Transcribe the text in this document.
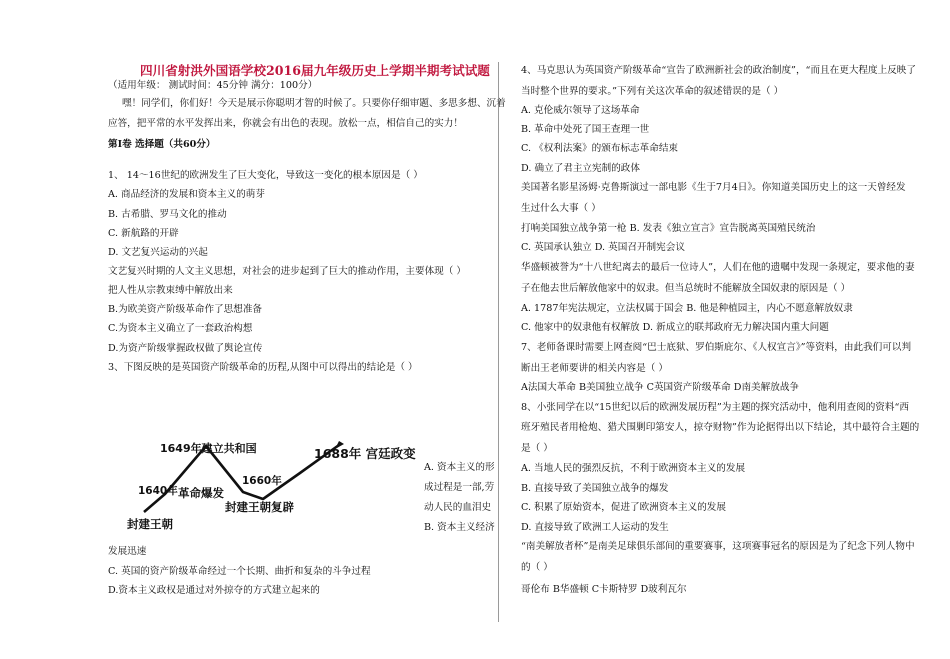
四川省射洪外国语学校2016届九年级历史上学期半期考试试题
（适用年级： 测试时间：45分钟 满分：100分）
嘿！同学们，你们好！今天是展示你聪明才智的时候了。只要你仔细审题、多思多想、沉着
应答，把平常的水平发挥出来，你就会有出色的表现。放松一点，相信自己的实力！
第Ⅰ卷 选择题（共60分）
1、 14～16世纪的欧洲发生了巨大变化，导致这一变化的根本原因是（ ）
A. 商品经济的发展和资本主义的萌芽
B. 古希腊、罗马文化的推动
C. 新航路的开辟
D. 文艺复兴运动的兴起
文艺复兴时期的人文主义思想，对社会的进步起到了巨大的推动作用，主要体现（ ）
把人性从宗教束缚中解放出来
B.为欧美资产阶级革命作了思想准备
C.为资本主义确立了一套政治构想
D.为资产阶级掌握政权做了舆论宣传
3、下图反映的是英国资产阶级革命的历程,从图中可以得出的结论是（ ）
A. 资本主义的形
成过程是一部,劳
动人民的血泪史
B. 资本主义经济
发展迅速
C. 英国的资产阶级革命经过一个长期、曲折和复杂的斗争过程
D.资本主义政权是通过对外掠夺的方式建立起来的
1649年建立共和国
1640年 革命爆发
1660年
1688年 宫廷政变
封建王朝
封建王朝复辟
4、马克思认为英国资产阶级革命“宣告了欧洲新社会的政治制度”，“而且在更大程度上反映了
当时整个世界的要求。”下列有关这次革命的叙述错误的是（ ）
A. 克伦威尔领导了这场革命
B. 革命中处死了国王查理一世
C. 《权利法案》的颁布标志革命结束
D. 确立了君主立宪制的政体
美国著名影星汤姆·克鲁斯演过一部电影《生于7月4日》。你知道美国历史上的这一天曾经发
生过什么大事（ ）
打响美国独立战争第一枪 B. 发表《独立宣言》宣告脱离英国殖民统治
C. 英国承认独立 D. 英国召开制宪会议
华盛顿被誉为“十八世纪离去的最后一位诗人”，人们在他的遗嘱中发现一条规定，要求他的妻
子在他去世后解放他家中的奴隶。但当总统时不能解放全国奴隶的原因是（ ）
A. 1787年宪法规定，立法权属于国会 B. 他是种植园主，内心不愿意解放奴隶
C. 他家中的奴隶他有权解放 D. 新成立的联邦政府无力解决国内重大问题
7、老师备课时需要上网查阅“巴士底狱、罗伯斯庇尔、《人权宣言》”等资料，由此我们可以判
断出王老师要讲的相关内容是（ ）
A法国大革命 B美国独立战争 C英国资产阶级革命 D南美解放战争
8、小张同学在以“15世纪以后的欧洲发展历程”为主题的探究活动中，他利用查阅的资料“西
班牙殖民者用枪炮、猎犬围剿印第安人，掠夺财物”作为论据得出以下结论，其中最符合主题的
是（ ）
A. 当地人民的强烈反抗，不利于欧洲资本主义的发展
B. 直接导致了美国独立战争的爆发
C. 积累了原始资本，促进了欧洲资本主义的发展
D. 直接导致了欧洲工人运动的发生
“南美解放者杯”是南美足球俱乐部间的重要赛事，这项赛事冠名的原因是为了纪念下列人物中
的（ ）
哥伦布 B华盛顿 C卡斯特罗 D玻利瓦尔
